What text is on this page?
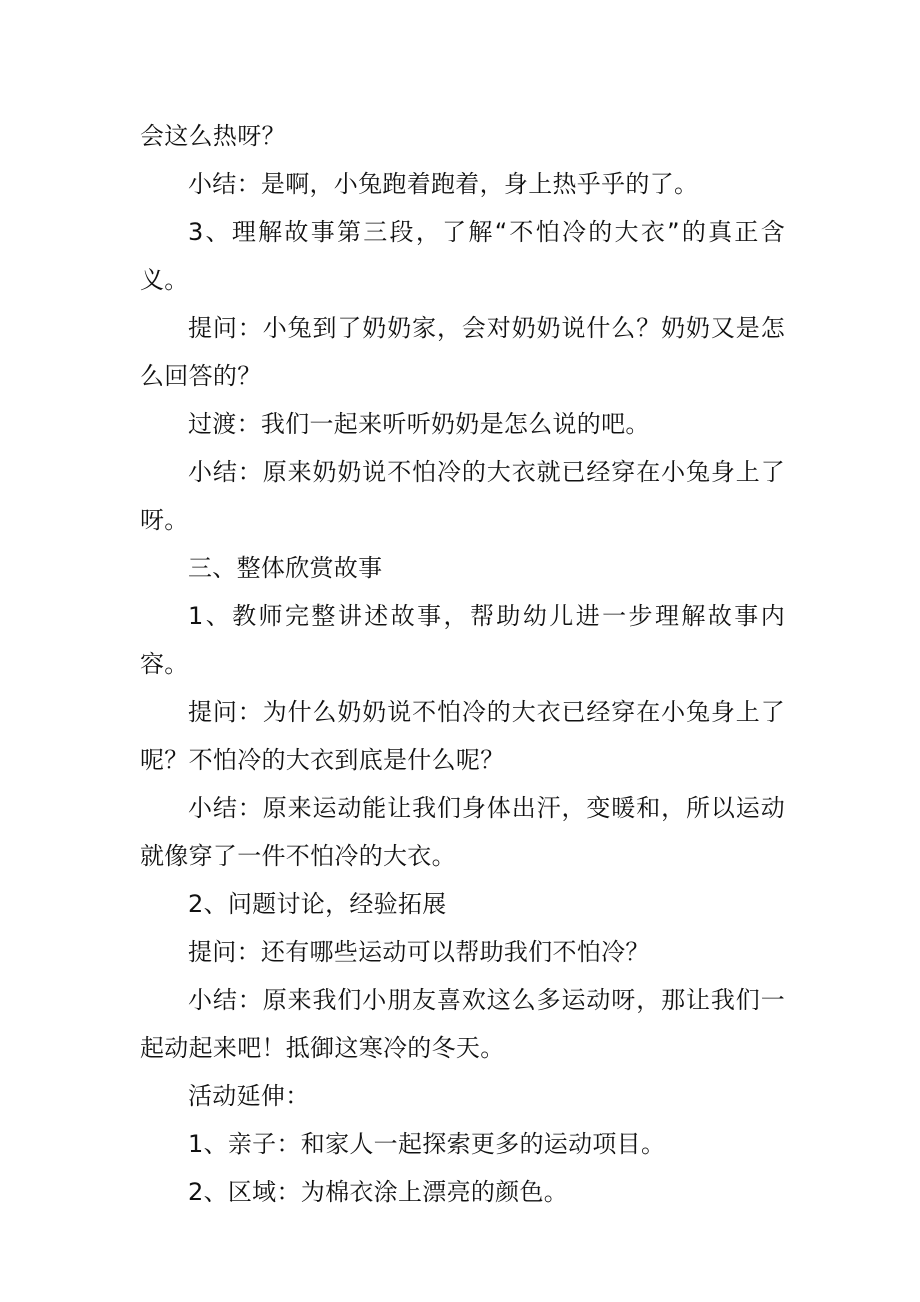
会这么热呀？

小结：是啊，小兔跑着跑着，身上热乎乎的了。

3、理解故事第三段，了解“不怕冷的大衣”的真正含义。

提问：小兔到了奶奶家，会对奶奶说什么？奶奶又是怎么回答的？

过渡：我们一起来听听奶奶是怎么说的吧。

小结：原来奶奶说不怕冷的大衣就已经穿在小兔身上了呀。

三、整体欣赏故事

1、教师完整讲述故事，帮助幼儿进一步理解故事内容。

提问：为什么奶奶说不怕冷的大衣已经穿在小兔身上了呢？不怕冷的大衣到底是什么呢？

小结：原来运动能让我们身体出汗，变暖和，所以运动就像穿了一件不怕冷的大衣。

2、问题讨论，经验拓展

提问：还有哪些运动可以帮助我们不怕冷？

小结：原来我们小朋友喜欢这么多运动呀，那让我们一起动起来吧！抵御这寒冷的冬天。

活动延伸：

1、亲子：和家人一起探索更多的运动项目。

2、区域：为棉衣涂上漂亮的颜色。
